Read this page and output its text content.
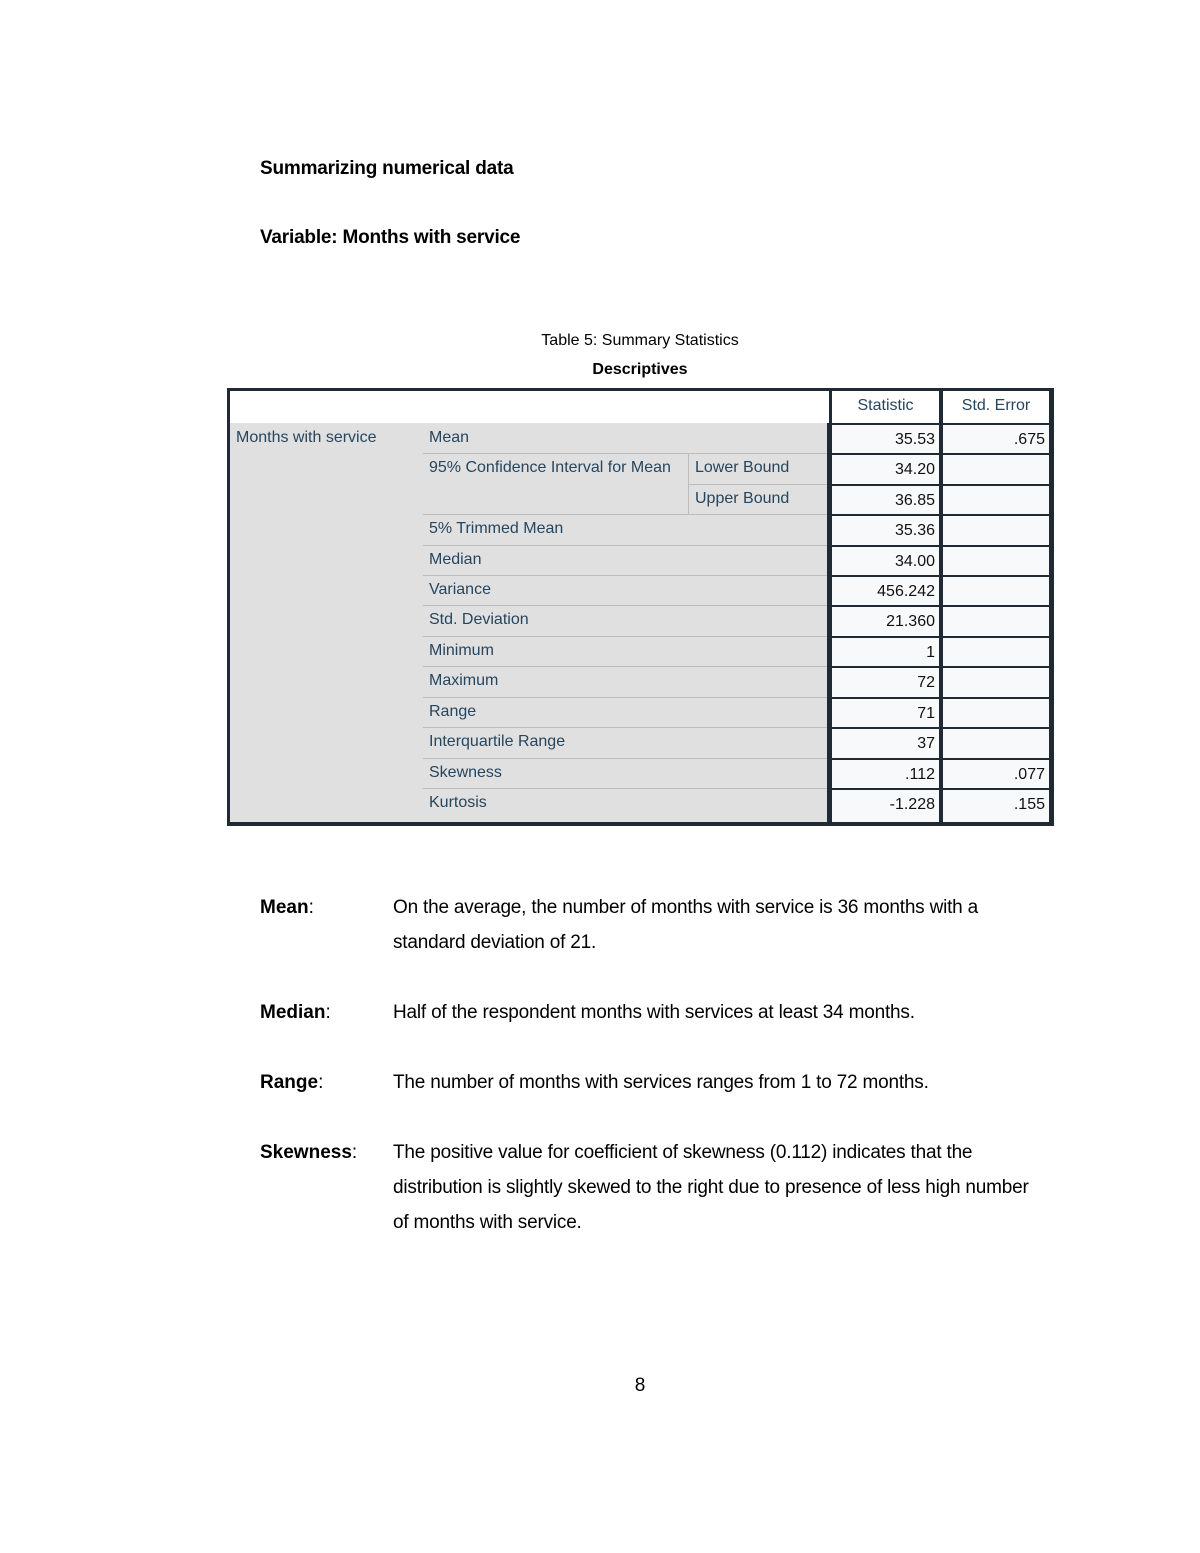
Summarizing numerical data
Variable: Months with service
Table 5: Summary Statistics
Descriptives
Statistic	Std. Error
Months with service	Mean	35.53	.675
95% Confidence Interval for Mean	Lower Bound	34.20
Upper Bound	36.85
5% Trimmed Mean	35.36
Median	34.00
Variance	456.242
Std. Deviation	21.360
Minimum	1
Maximum	72
Range	71
Interquartile Range	37
Skewness	.112	.077
Kurtosis	-1.228	.155
Mean:	On the average, the number of months with service is 36 months with a standard deviation of 21.
Median:	Half of the respondent months with services at least 34 months.
Range:	The number of months with services ranges from 1 to 72 months.
Skewness: The positive value for coefficient of skewness (0.112) indicates that the distribution is slightly skewed to the right due to presence of less high number of months with service.
8
